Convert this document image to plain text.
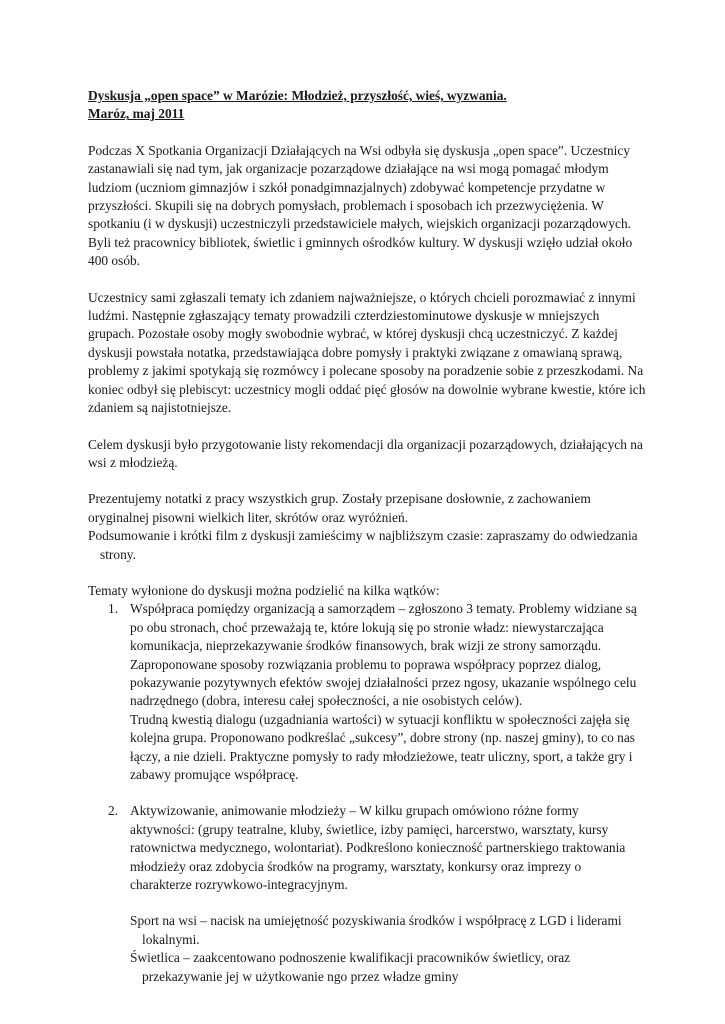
Dyskusja „open space” w Marózie: Młodzież, przyszłość, wieś, wyzwania.

Maróz, maj 2011

Podczas X Spotkania Organizacji Działających na Wsi odbyła się dyskusja „open space”. Uczestnicy zastanawiali się nad tym, jak organizacje pozarządowe działające na wsi mogą pomagać młodym ludziom (uczniom gimnazjów i szkół ponadgimnazjalnych) zdobywać kompetencje przydatne w przyszłości. Skupili się na dobrych pomysłach, problemach i sposobach ich przezwyciężenia. W spotkaniu (i w dyskusji) uczestniczyli przedstawiciele małych, wiejskich organizacji pozarządowych. Byli też pracownicy bibliotek, świetlic i gminnych ośrodków kultury. W dyskusji wzięło udział około 400 osób.

Uczestnicy sami zgłaszali tematy ich zdaniem najważniejsze, o których chcieli porozmawiać z innymi ludźmi. Następnie zgłaszający tematy prowadzili czterdziestominutowe dyskusje w mniejszych grupach. Pozostałe osoby mogły swobodnie wybrać, w której dyskusji chcą uczestniczyć. Z każdej dyskusji powstała notatka, przedstawiająca dobre pomysły i praktyki związane z omawianą sprawą, problemy z jakimi spotykają się rozmówcy i polecane sposoby na poradzenie sobie z przeszkodami. Na koniec odbył się plebiscyt: uczestnicy mogli oddać pięć głosów na dowolnie wybrane kwestie, które ich zdaniem są najistotniejsze.

Celem dyskusji było przygotowanie listy rekomendacji dla organizacji pozarządowych, działających na wsi z młodzieżą.

Prezentujemy notatki z pracy wszystkich grup. Zostały przepisane dosłownie, z zachowaniem oryginalnej pisowni wielkich liter, skrótów oraz wyróżnień.

Podsumowanie i krótki film z dyskusji zamieścimy w najbliższym czasie: zapraszamy do odwiedzania strony.

Tematy wyłonione do dyskusji można podzielić na kilka wątków:

1. Współpraca pomiędzy organizacją a samorządem – zgłoszono 3 tematy. Problemy widziane są po obu stronach, choć przeważają te, które lokują się po stronie władz: niewystarczająca komunikacja, nieprzekazywanie środków finansowych, brak wizji ze strony samorządu. Zaproponowane sposoby rozwiązania problemu to poprawa współpracy poprzez dialog, pokazywanie pozytywnych efektów swojej działalności przez ngosy, ukazanie wspólnego celu nadrzędnego (dobra, interesu całej społeczności, a nie osobistych celów).

Trudną kwestią dialogu (uzgadniania wartości) w sytuacji konfliktu w społeczności zajęła się kolejna grupa. Proponowano podkreślać „sukcesy”, dobre strony (np. naszej gminy), to co nas łączy, a nie dzieli. Praktyczne pomysły to rady młodzieżowe, teatr uliczny, sport, a także gry i zabawy promujące współpracę.

2. Aktywizowanie, animowanie młodzieży – W kilku grupach omówiono różne formy aktywności: (grupy teatralne, kluby, świetlice, izby pamięci, harcerstwo, warsztaty, kursy ratownictwa medycznego, wolontariat). Podkreślono konieczność partnerskiego traktowania młodzieży oraz zdobycia środków na programy, warsztaty, konkursy oraz imprezy o charakterze rozrywkowo-integracyjnym.

Sport na wsi – nacisk na umiejętność pozyskiwania środków i współpracę z LGD i liderami lokalnymi.

Świetlica – zaakcentowano podnoszenie kwalifikacji pracowników świetlicy, oraz przekazywanie jej w użytkowanie ngo przez władze gminy
